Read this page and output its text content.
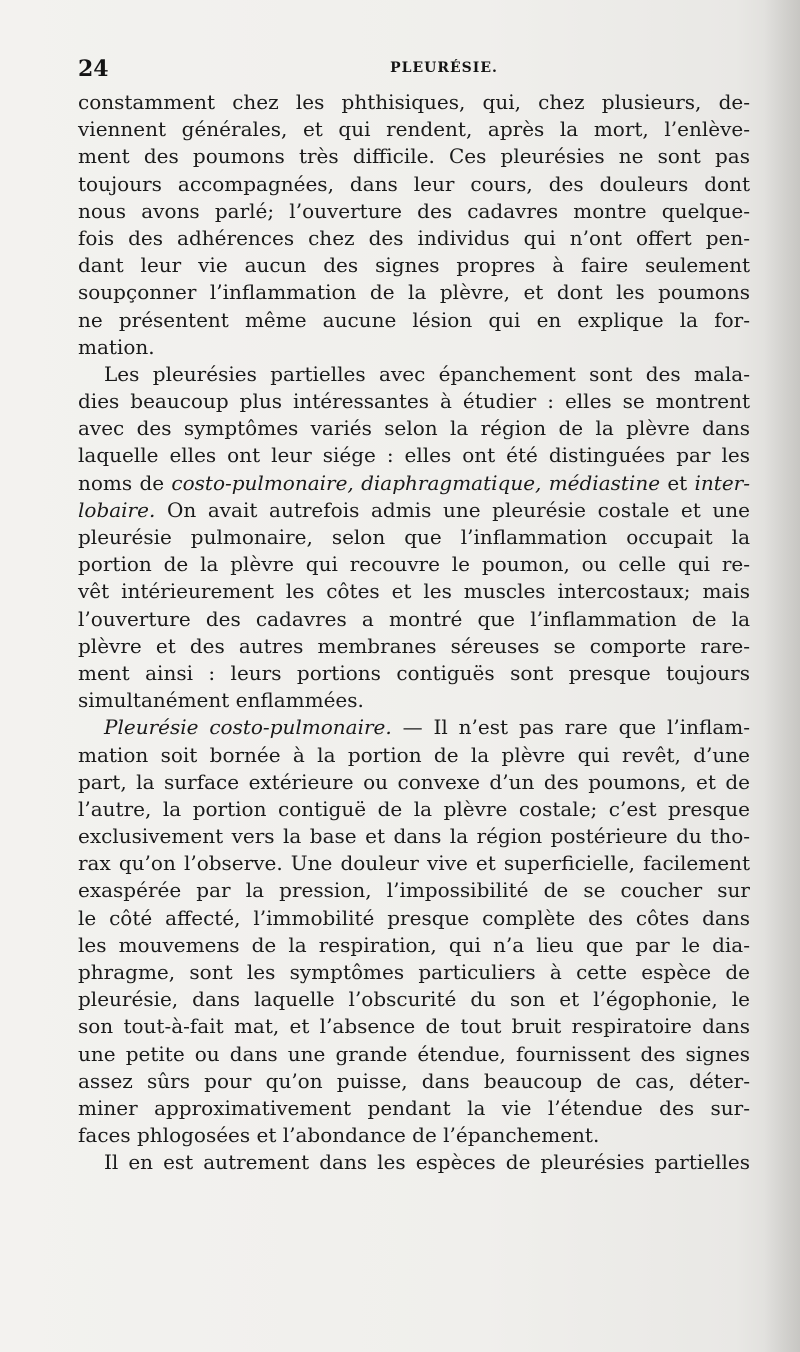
24	PLEURÉSIE.
constamment chez les phthisiques, qui, chez plusieurs, de-
viennent générales, et qui rendent, après la mort, l’enlève-
ment des poumons très difficile. Ces pleurésies ne sont pas
toujours accompagnées, dans leur cours, des douleurs dont
nous avons parlé; l’ouverture des cadavres montre quelque-
fois des adhérences chez des individus qui n’ont offert pen-
dant leur vie aucun des signes propres à faire seulement
soupçonner l’inflammation de la plèvre, et dont les poumons
ne présentent même aucune lésion qui en explique la for-
mation.
Les pleurésies partielles avec épanchement sont des mala-
dies beaucoup plus intéressantes à étudier : elles se montrent
avec des symptômes variés selon la région de la plèvre dans
laquelle elles ont leur siége : elles ont été distinguées par les
noms de costo-pulmonaire, diaphragmatique, médiastine et inter-
lobaire. On avait autrefois admis une pleurésie costale et une
pleurésie pulmonaire, selon que l’inflammation occupait la
portion de la plèvre qui recouvre le poumon, ou celle qui re-
vêt intérieurement les côtes et les muscles intercostaux; mais
l’ouverture des cadavres a montré que l’inflammation de la
plèvre et des autres membranes séreuses se comporte rare-
ment ainsi : leurs portions contiguës sont presque toujours
simultanément enflammées.
Pleurésie costo-pulmonaire. — Il n’est pas rare que l’inflam-
mation soit bornée à la portion de la plèvre qui revêt, d’une
part, la surface extérieure ou convexe d’un des poumons, et de
l’autre, la portion contiguë de la plèvre costale; c’est presque
exclusivement vers la base et dans la région postérieure du tho-
rax qu’on l’observe. Une douleur vive et superficielle, facilement
exaspérée par la pression, l’impossibilité de se coucher sur
le côté affecté, l’immobilité presque complète des côtes dans
les mouvemens de la respiration, qui n’a lieu que par le dia-
phragme, sont les symptômes particuliers à cette espèce de
pleurésie, dans laquelle l’obscurité du son et l’égophonie, le
son tout-à-fait mat, et l’absence de tout bruit respiratoire dans
une petite ou dans une grande étendue, fournissent des signes
assez sûrs pour qu’on puisse, dans beaucoup de cas, déter-
miner approximativement pendant la vie l’étendue des sur-
faces phlogosées et l’abondance de l’épanchement.
Il en est autrement dans les espèces de pleurésies partielles
